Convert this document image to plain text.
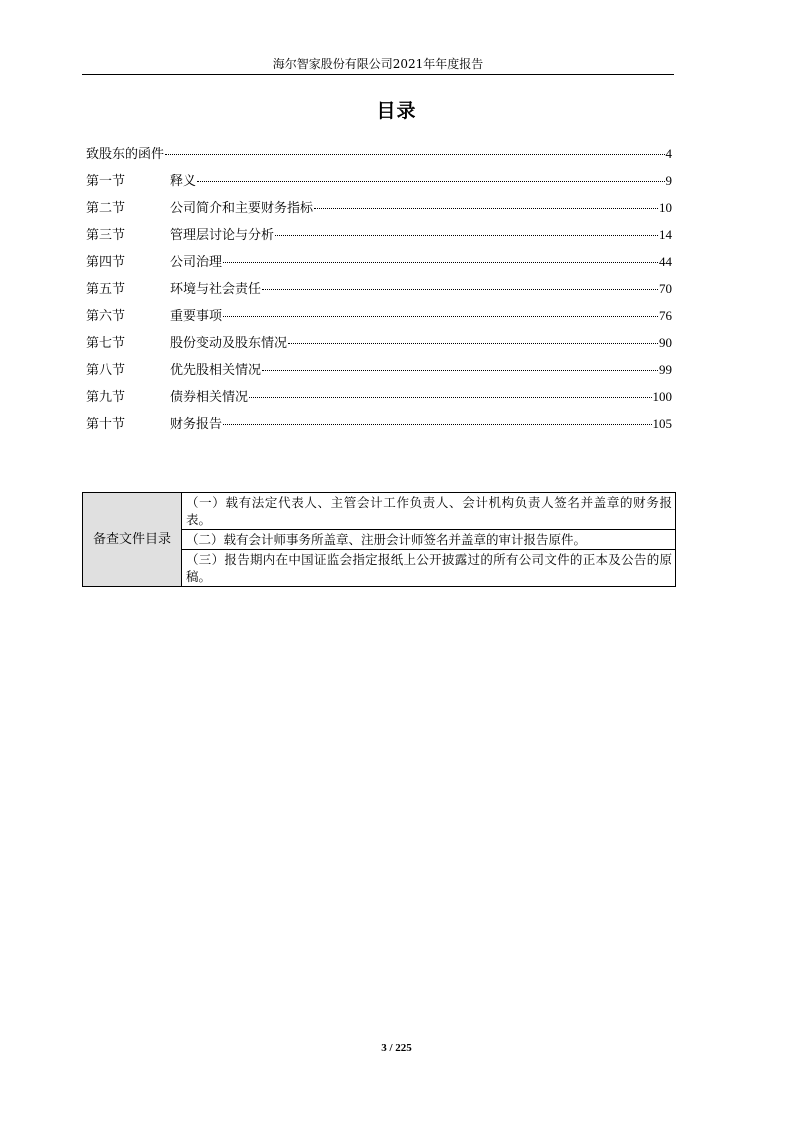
海尔智家股份有限公司2021年年度报告
目录
致股东的函件	4
第一节	释义	9
第二节	公司简介和主要财务指标	10
第三节	管理层讨论与分析	14
第四节	公司治理	44
第五节	环境与社会责任	70
第六节	重要事项	76
第七节	股份变动及股东情况	90
第八节	优先股相关情况	99
第九节	债券相关情况	100
第十节	财务报告	105
备查文件目录	（一）载有法定代表人、主管会计工作负责人、会计机构负责人签名并盖章的财务报表。
（二）载有会计师事务所盖章、注册会计师签名并盖章的审计报告原件。
（三）报告期内在中国证监会指定报纸上公开披露过的所有公司文件的正本及公告的原稿。
3 / 225
